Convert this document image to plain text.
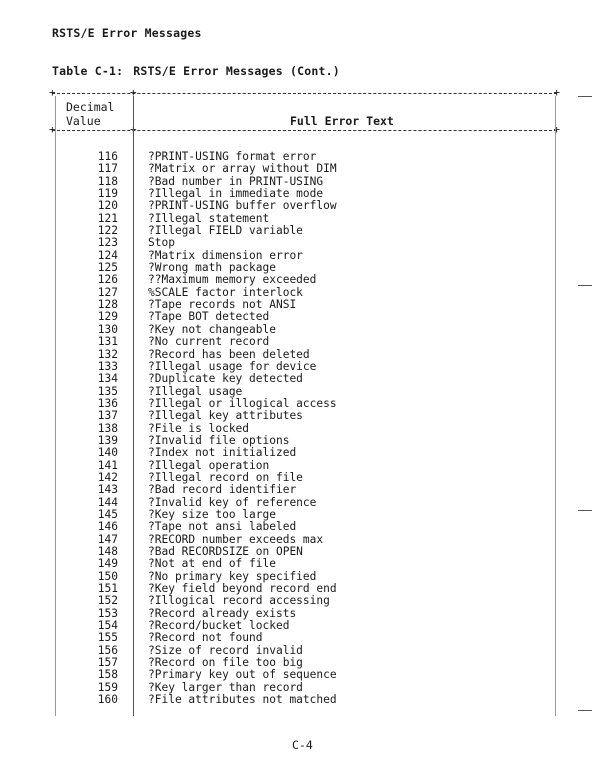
RSTS/E Error Messages
Table C-1: RSTS/E Error Messages (Cont.)
+ +
+
Decimal
Value	Full Error Text
+ +
+
116	?PRINT-USING format error
117	?Matrix or array without DIM
118	?Bad number in PRINT-USING
119	?Illegal in immediate mode
120	?PRINT-USING buffer overflow
121	?Illegal statement
122	?Illegal FIELD variable
123	Stop
124	?Matrix dimension error
125	?Wrong math package
126	??Maximum memory exceeded
127	%SCALE factor interlock
128	?Tape records not ANSI
129	?Tape BOT detected
130	?Key not changeable
131	?No current record
132	?Record has been deleted
133	?Illegal usage for device
134	?Duplicate key detected
135	?Illegal usage
136	?Illegal or illogical access
137	?Illegal key attributes
138	?File is locked
139	?Invalid file options
140	?Index not initialized
141	?Illegal operation
142	?Illegal record on file
143	?Bad record identifier
144	?Invalid key of reference
145	?Key size too large
146	?Tape not ansi labeled
147	?RECORD number exceeds max
148	?Bad RECORDSIZE on OPEN
149	?Not at end of file
150	?No primary key specified
151	?Key field beyond record end
152	?Illogical record accessing
153	?Record already exists
154	?Record/bucket locked
155	?Record not found
156	?Size of record invalid
157	?Record on file too big
158	?Primary key out of sequence
159	?Key larger than record
160	?File attributes not matched
C-4
